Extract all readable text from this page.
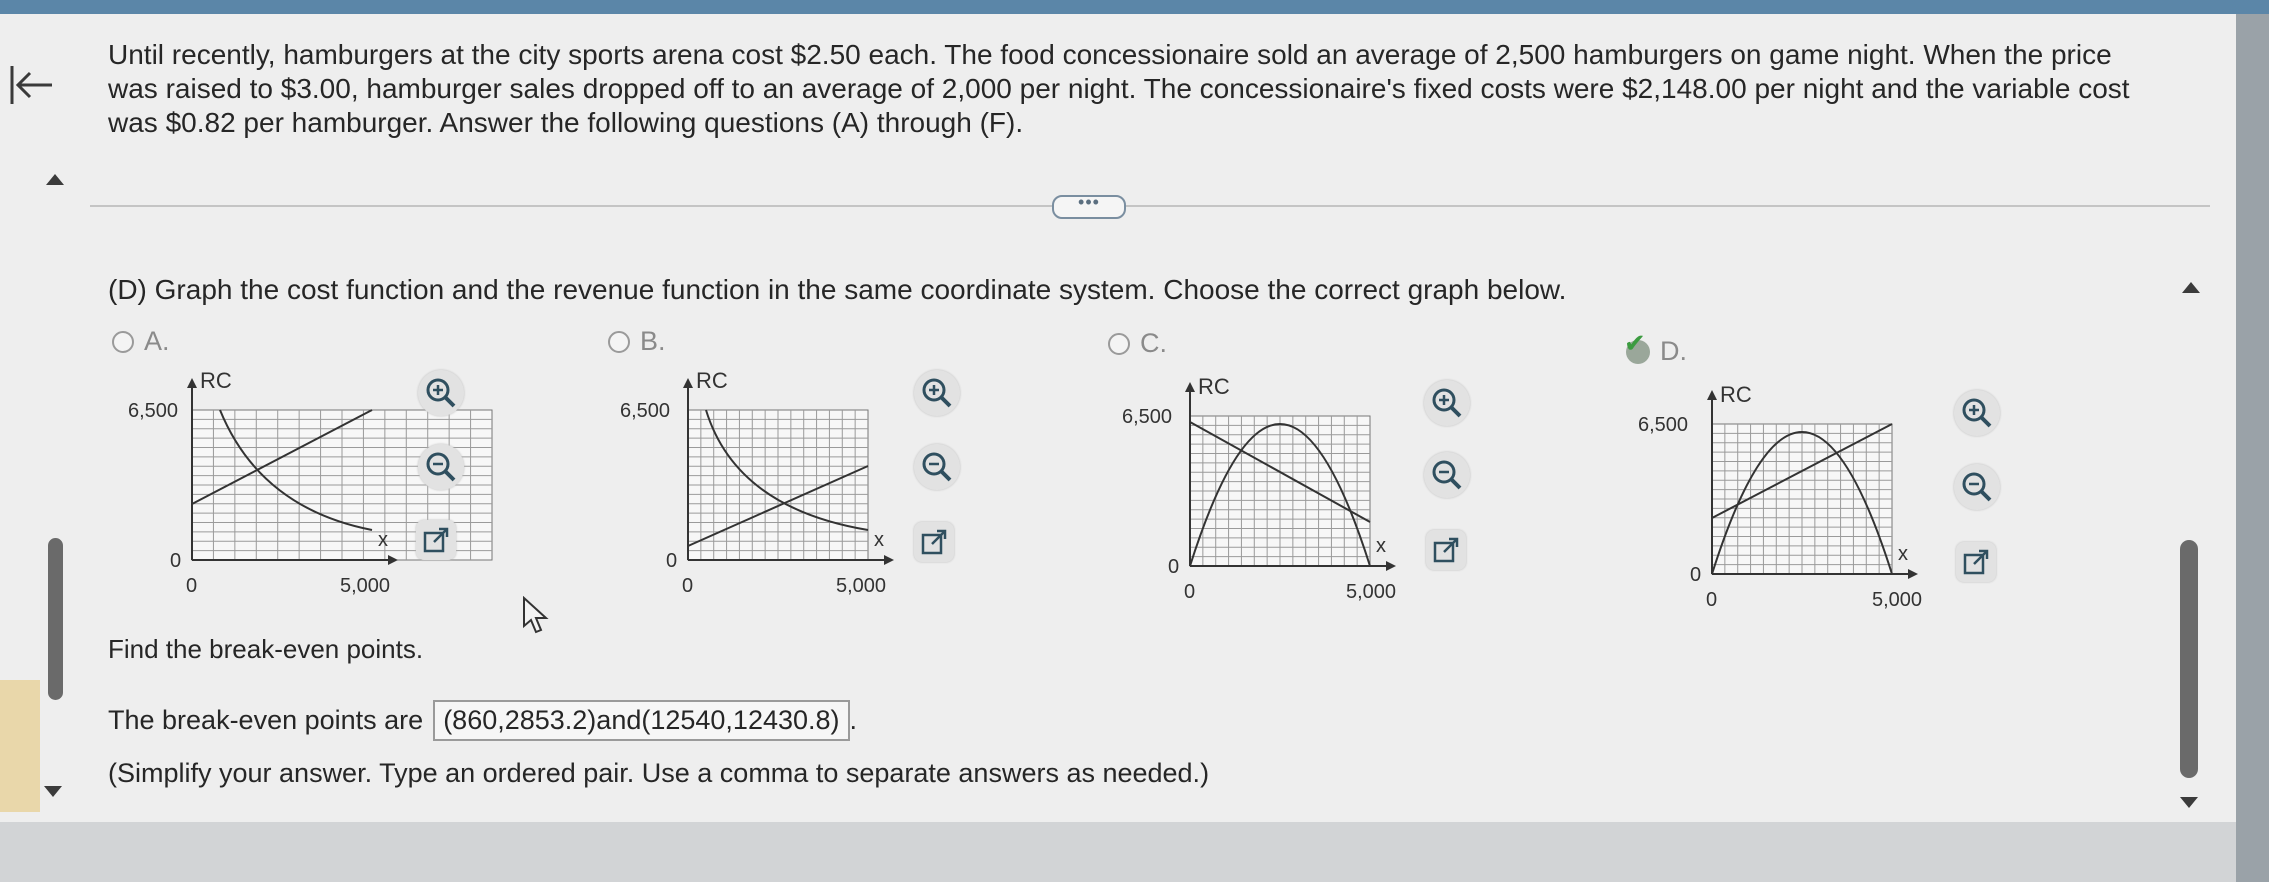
Until recently, hamburgers at the city sports arena cost $2.50 each. The food concessionaire sold an average of 2,500 hamburgers on game night. When the price was raised to $3.00, hamburger sales dropped off to an average of 2,000 per night. The concessionaire's fixed costs were $2,148.00 per night and the variable cost was $0.82 per hamburger. Answer the following questions (A) through (F).

•••

(D) Graph the cost function and the revenue function in the same coordinate system. Choose the correct graph below.

A.	B.	C.	✔ D.
RC
6,500
0
x
0	5,000
RC
6,500
0
x
0	5,000
RC
6,500
0
x
0	5,000
RC
6,500
0
x
0	5,000

Find the break-even points.

The break-even points are (860,2853.2)and(12540,12430.8) .

(Simplify your answer. Type an ordered pair. Use a comma to separate answers as needed.)
